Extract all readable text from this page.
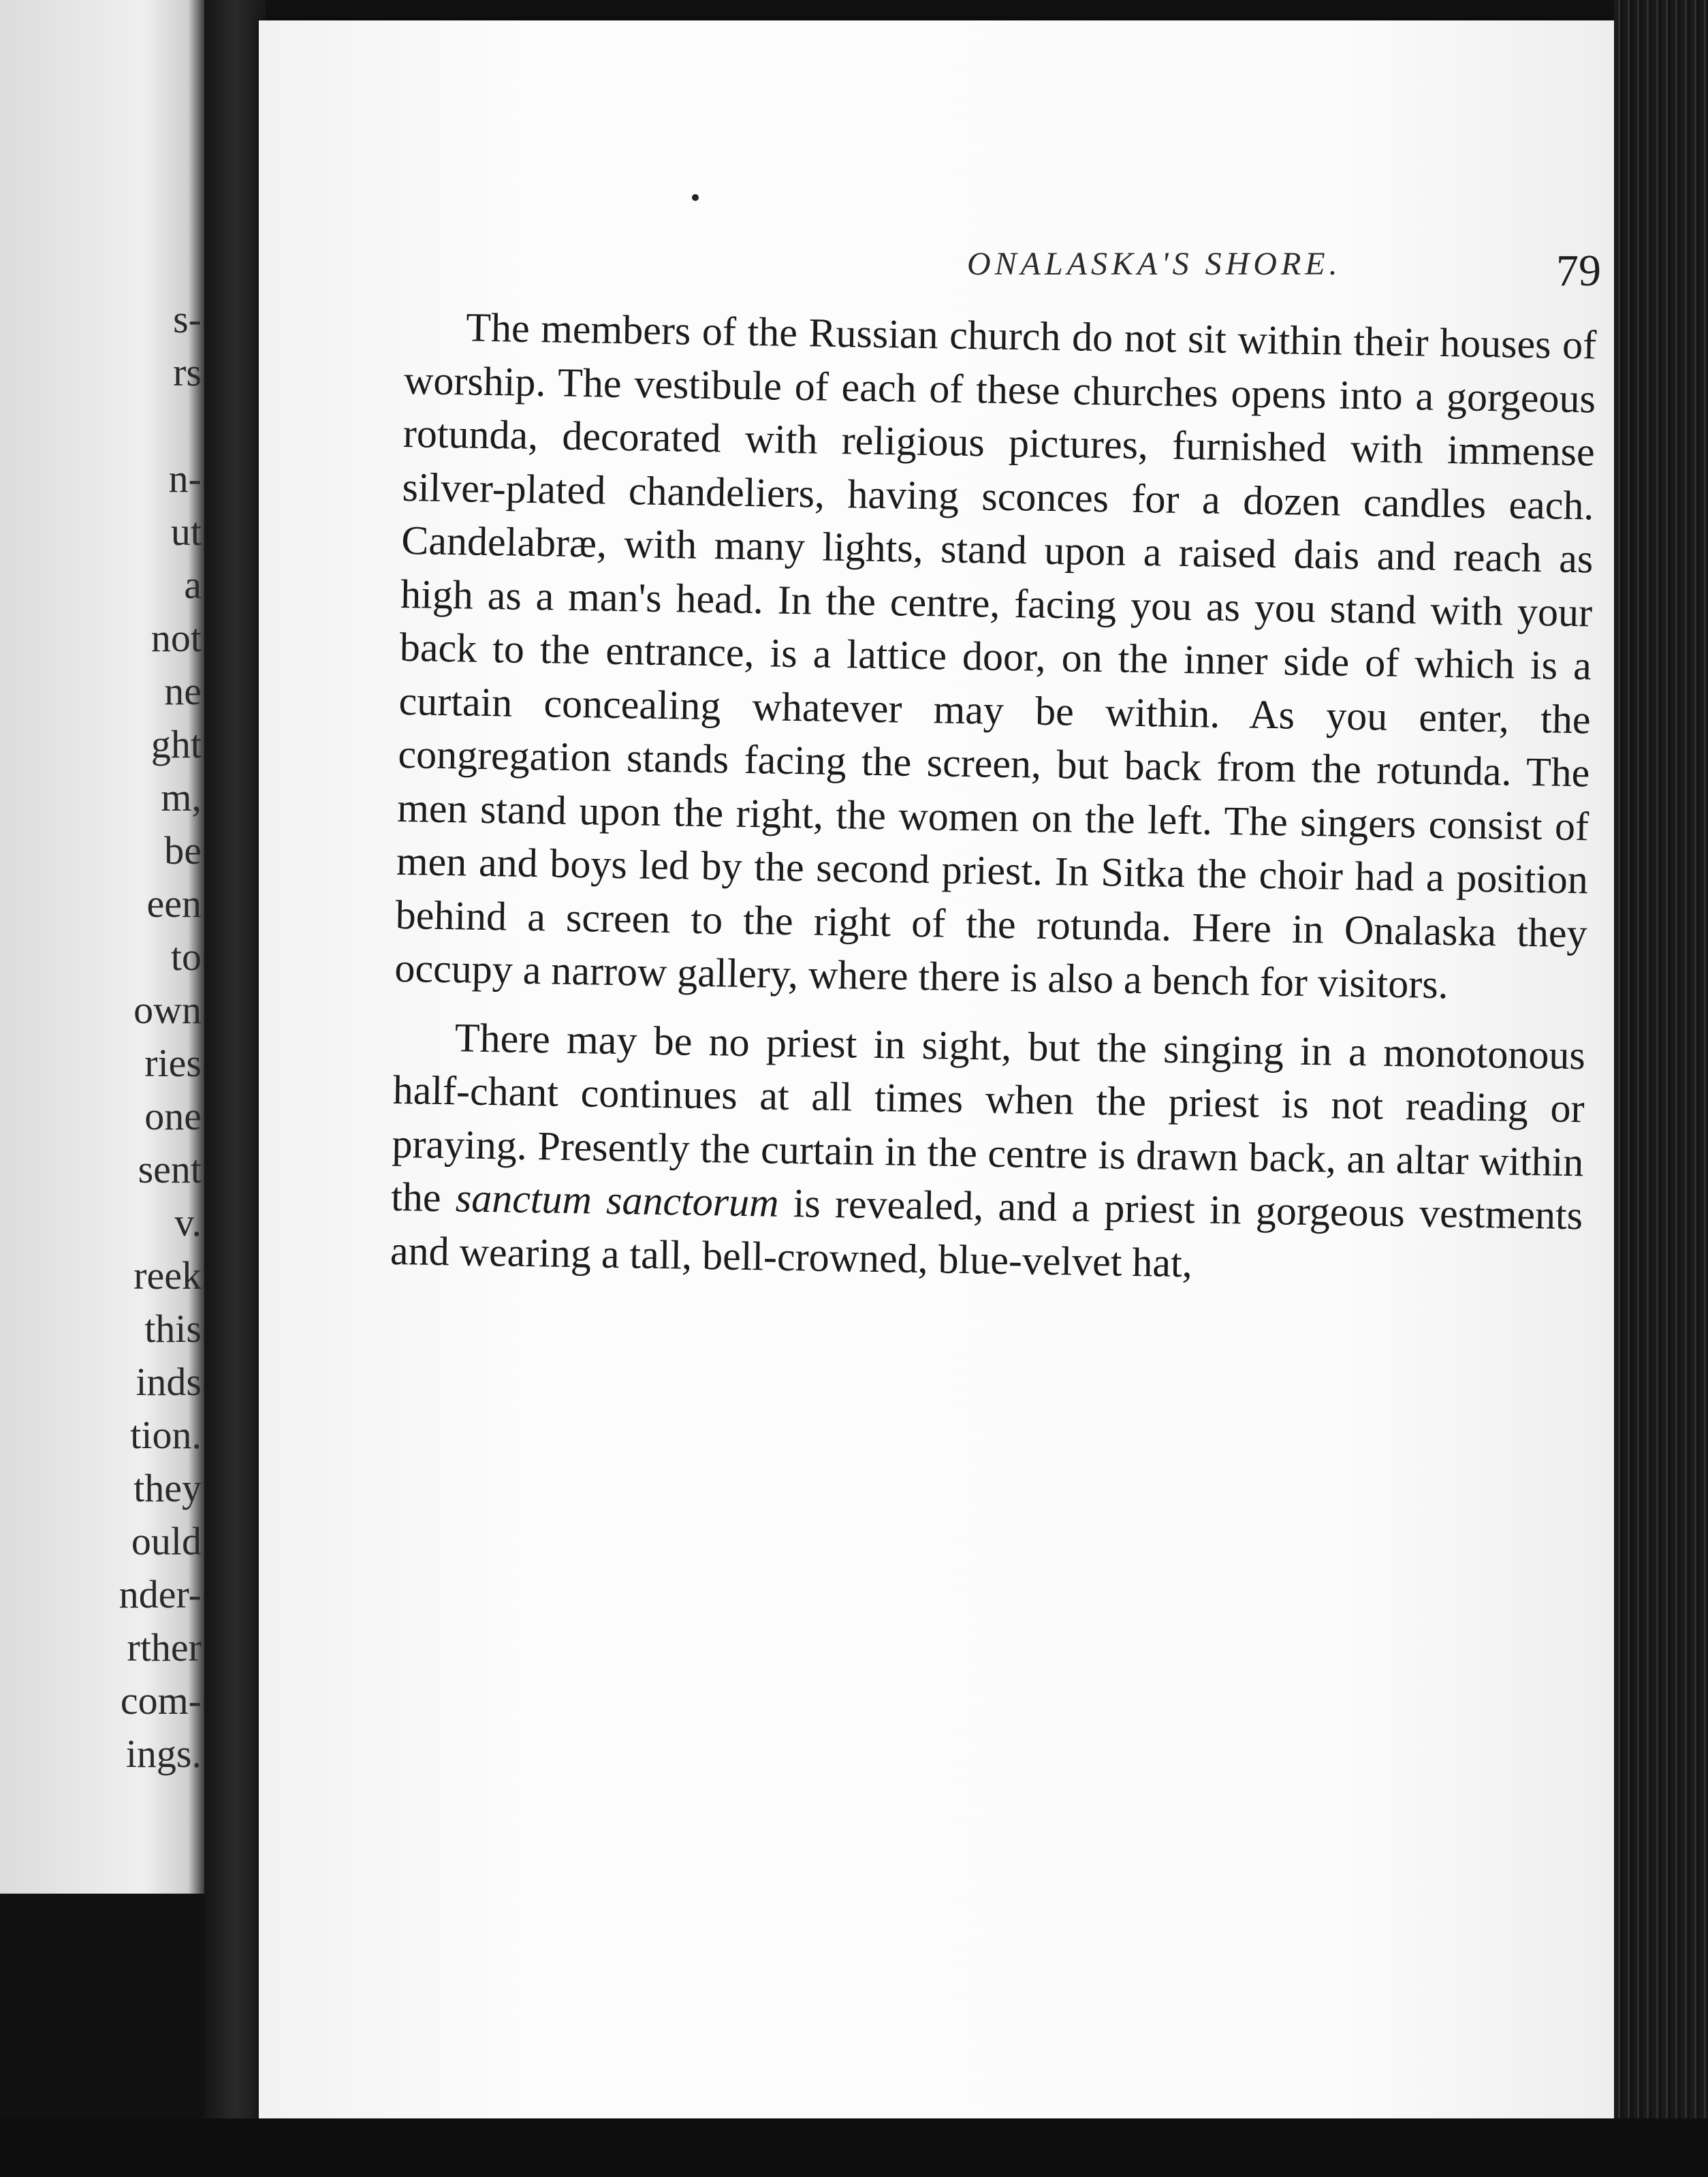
s-
rs

n-
ut
a
not
ne
ght
m,
be
een
to
own
ries
one
sent
v.
reek
this
inds
tion.
they
ould
nder-
rther
com-
ings.
ONALASKA'S SHORE.	79

The members of the Russian church do not sit within their houses of worship. The vestibule of each of these churches opens into a gorgeous rotunda, decorated with religious pictures, furnished with immense silver-plated chandeliers, having sconces for a dozen candles each. Candelabræ, with many lights, stand upon a raised dais and reach as high as a man's head. In the centre, facing you as you stand with your back to the entrance, is a lattice door, on the inner side of which is a curtain concealing whatever may be within. As you enter, the congregation stands facing the screen, but back from the rotunda. The men stand upon the right, the women on the left. The singers consist of men and boys led by the second priest. In Sitka the choir had a position behind a screen to the right of the rotunda. Here in Onalaska they occupy a narrow gallery, where there is also a bench for visitors.

There may be no priest in sight, but the singing in a monotonous half-chant continues at all times when the priest is not reading or praying. Presently the curtain in the centre is drawn back, an altar within the sanctum sanctorum is revealed, and a priest in gorgeous vestments and wearing a tall, bell-crowned, blue-velvet hat,
